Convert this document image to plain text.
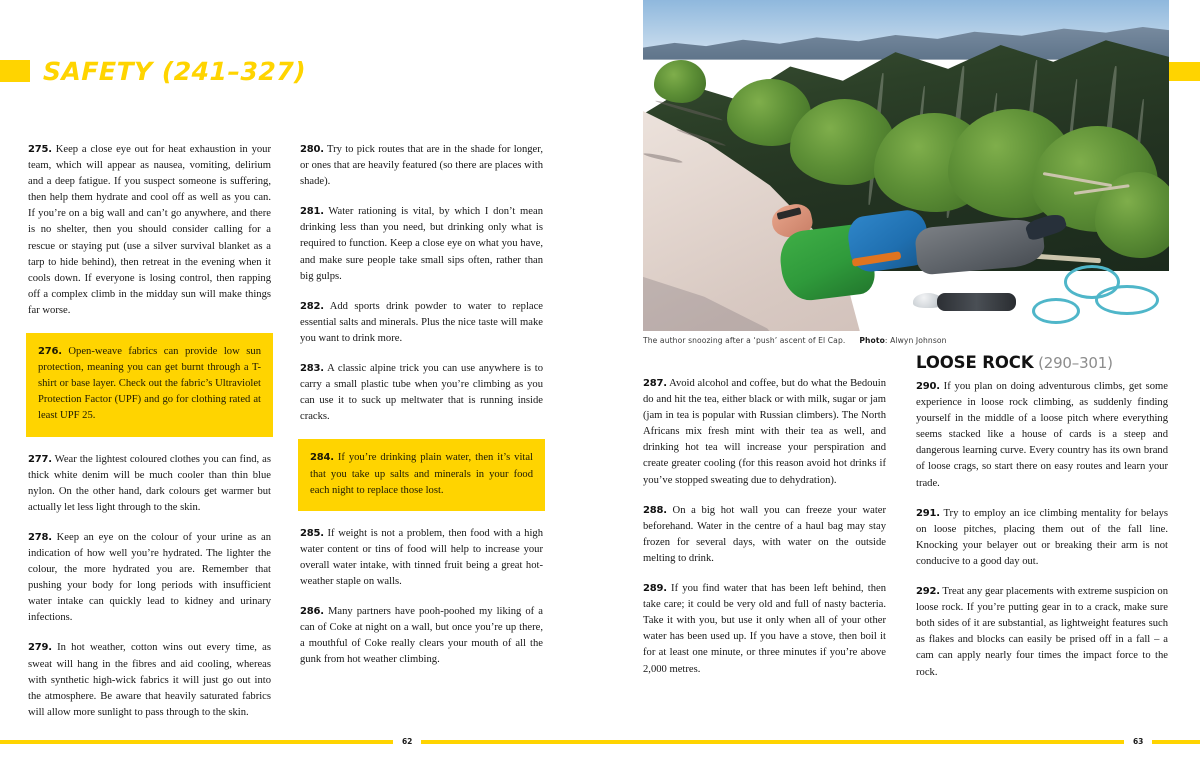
SAFETY (241–327)

275. Keep a close eye out for heat exhaustion in your team, which will appear as nausea, vomiting, delirium and a deep fatigue. If you suspect someone is suffering, then help them hydrate and cool off as well as you can. If you’re on a big wall and can’t go anywhere, and there is no shelter, then you should consider calling for a rescue or staying put (use a silver survival blanket as a tarp to hide behind), then retreat in the evening when it cools down. If everyone is losing control, then rapping off a complex climb in the midday sun will make things far worse.

276. Open-weave fabrics can provide low sun protection, meaning you can get burnt through a T-shirt or base layer. Check out the fabric’s Ultraviolet Protection Factor (UPF) and go for clothing rated at least UPF 25.

277. Wear the lightest coloured clothes you can find, as thick white denim will be much cooler than thin blue nylon. On the other hand, dark colours get warmer but actually let less light through to the skin.

278. Keep an eye on the colour of your urine as an indication of how well you’re hydrated. The lighter the colour, the more hydrated you are. Remember that pushing your body for long periods with insufficient water intake can quickly lead to kidney and urinary infections.

279. In hot weather, cotton wins out every time, as sweat will hang in the fibres and aid cooling, whereas with synthetic high-wick fabrics it will just go out into the atmosphere. Be aware that heavily saturated fabrics will allow more sunlight to pass through to the skin.

280. Try to pick routes that are in the shade for longer, or ones that are heavily featured (so there are places with shade).

281. Water rationing is vital, by which I don’t mean drinking less than you need, but drinking only what is required to function. Keep a close eye on what you have, and make sure people take small sips often, rather than big gulps.

282. Add sports drink powder to water to replace essential salts and minerals. Plus the nice taste will make you want to drink more.

283. A classic alpine trick you can use anywhere is to carry a small plastic tube when you’re climbing as you can use it to suck up meltwater that is running inside cracks.

284. If you’re drinking plain water, then it’s vital that you take up salts and minerals in your food each night to replace those lost.

285. If weight is not a problem, then food with a high water content or tins of food will help to increase your overall water intake, with tinned fruit being a great hot-weather staple on walls.

286. Many partners have pooh-poohed my liking of a can of Coke at night on a wall, but once you’re up there, a mouthful of Coke really clears your mouth of all the gunk from hot weather climbing.

62
The author snoozing after a ‘push’ ascent of El Cap. Photo: Alwyn Johnson

287. Avoid alcohol and coffee, but do what the Bedouin do and hit the tea, either black or with milk, sugar or jam (jam in tea is popular with Russian climbers). The North Africans mix fresh mint with their tea as well, and drinking hot tea will increase your perspiration and create greater cooling (for this reason avoid hot drinks if you’ve stopped sweating due to dehydration).

288. On a big hot wall you can freeze your water beforehand. Water in the centre of a haul bag may stay frozen for several days, with water on the outside melting to drink.

289. If you find water that has been left behind, then take care; it could be very old and full of nasty bacteria. Take it with you, but use it only when all of your other water has been used up. If you have a stove, then boil it for at least one minute, or three minutes if you’re above 2,000 metres.

LOOSE ROCK (290–301)

290. If you plan on doing adventurous climbs, get some experience in loose rock climbing, as suddenly finding yourself in the middle of a loose pitch where everything seems stacked like a house of cards is a steep and dangerous learning curve. Every country has its own brand of loose crags, so start there on easy routes and learn your trade.

291. Try to employ an ice climbing mentality for belays on loose pitches, placing them out of the fall line. Knocking your belayer out or breaking their arm is not conducive to a good day out.

292. Treat any gear placements with extreme suspicion on loose rock. If you’re putting gear in to a crack, make sure both sides of it are substantial, as lightweight features such as flakes and blocks can easily be prised off in a fall – a cam can apply nearly four times the impact force to the rock.

63
